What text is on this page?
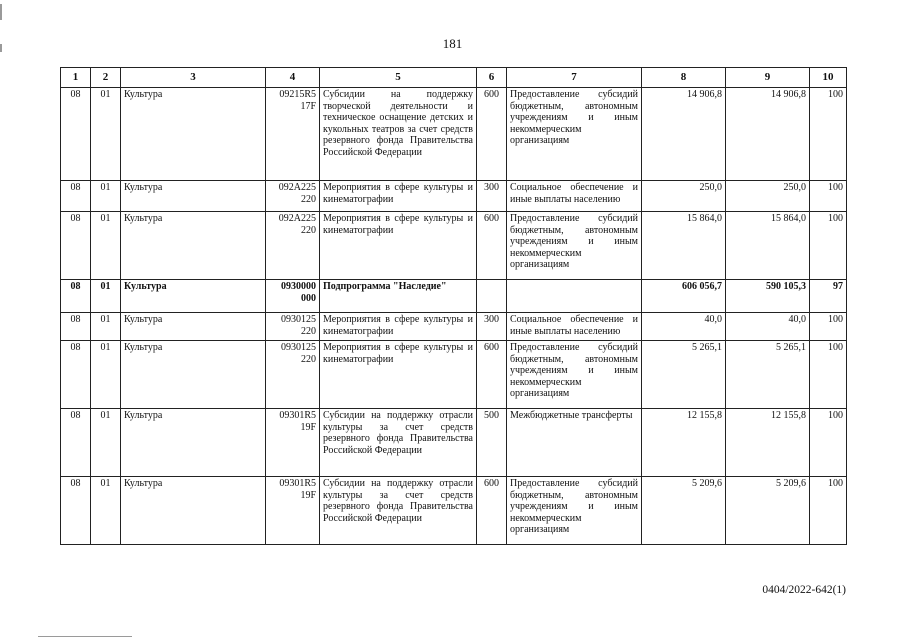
181
1	2	3	4	5	6	7	8	9	10
08	01	Культура	09215R5 17F	Субсидии на поддержку творческой деятельности и техническое оснащение детских и кукольных театров за счет средств резервного фонда Правительства Российской Федерации	600	Предоставление субсидий бюджетным, автономным учреждениям и иным некоммерческим организациям	14 906,8	14 906,8	100
08	01	Культура	092A225 220	Мероприятия в сфере культуры и кинематографии	300	Социальное обеспечение и иные выплаты населению	250,0	250,0	100
08	01	Культура	092A225 220	Мероприятия в сфере культуры и кинематографии	600	Предоставление субсидий бюджетным, автономным учреждениям и иным некоммерческим организациям	15 864,0	15 864,0	100
08	01	Культура	0930000 000	Подпрограмма "Наследие"			606 056,7	590 105,3	97
08	01	Культура	0930125 220	Мероприятия в сфере культуры и кинематографии	300	Социальное обеспечение и иные выплаты населению	40,0	40,0	100
08	01	Культура	0930125 220	Мероприятия в сфере культуры и кинематографии	600	Предоставление субсидий бюджетным, автономным учреждениям и иным некоммерческим организациям	5 265,1	5 265,1	100
08	01	Культура	09301R5 19F	Субсидии на поддержку отрасли культуры за счет средств резервного фонда Правительства Российской Федерации	500	Межбюджетные трансферты	12 155,8	12 155,8	100
08	01	Культура	09301R5 19F	Субсидии на поддержку отрасли культуры за счет средств резервного фонда Правительства Российской Федерации	600	Предоставление субсидий бюджетным, автономным учреждениям и иным некоммерческим организациям	5 209,6	5 209,6	100
0404/2022-642(1)
